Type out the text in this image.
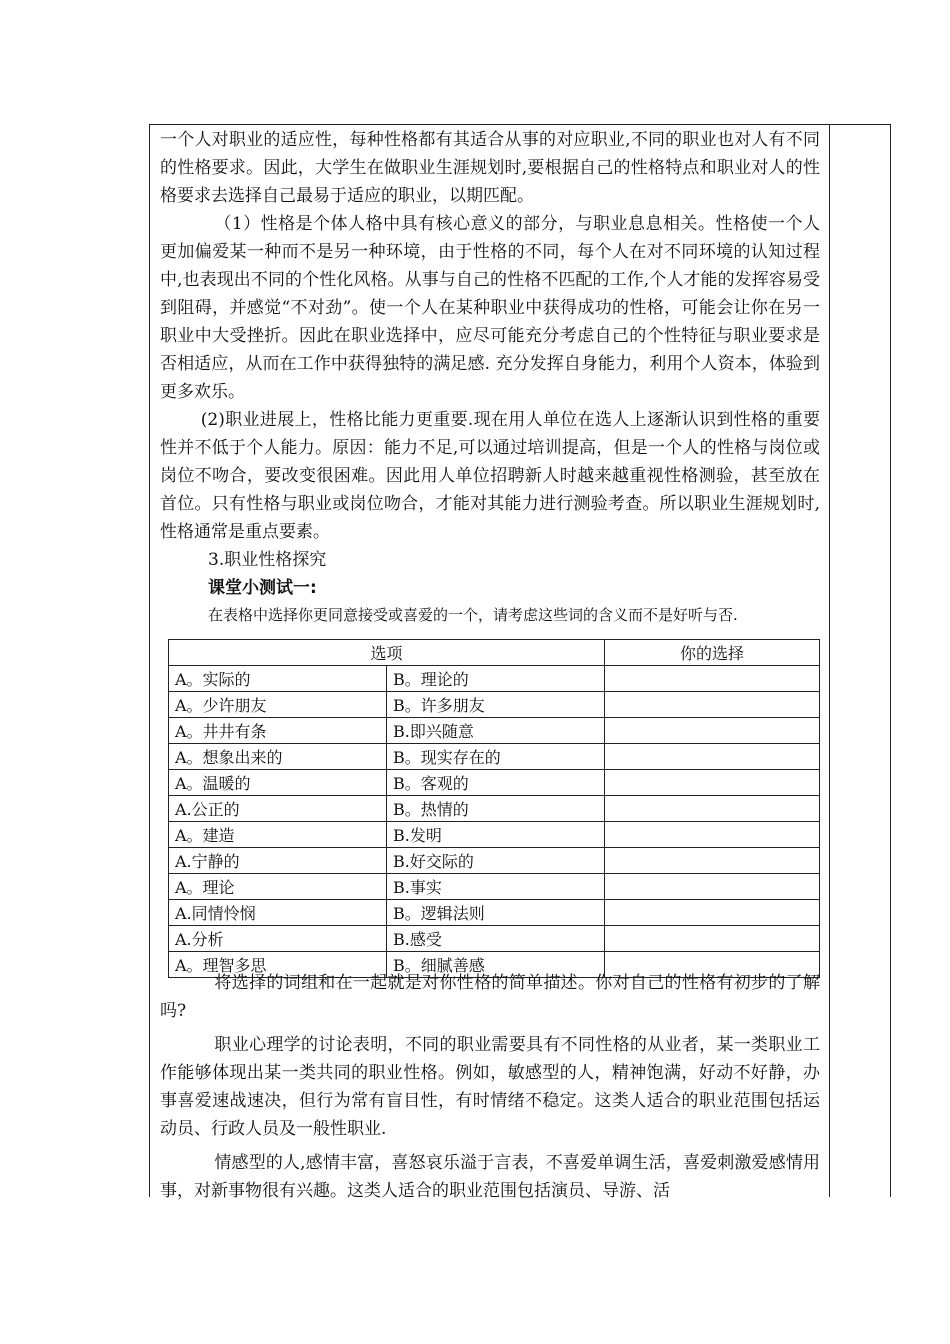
一个人对职业的适应性，每种性格都有其适合从事的对应职业,不同的职业也对人有不同的性格要求。因此，大学生在做职业生涯规划时,要根据自己的性格特点和职业对人的性格要求去选择自己最易于适应的职业，以期匹配。

（1）性格是个体人格中具有核心意义的部分，与职业息息相关。性格使一个人更加偏爱某一种而不是另一种环境，由于性格的不同，每个人在对不同环境的认知过程中,也表现出不同的个性化风格。从事与自己的性格不匹配的工作,个人才能的发挥容易受到阻碍，并感觉“不对劲”。使一个人在某种职业中获得成功的性格，可能会让你在另一职业中大受挫折。因此在职业选择中，应尽可能充分考虑自己的个性特征与职业要求是否相适应，从而在工作中获得独特的满足感. 充分发挥自身能力，利用个人资本，体验到更多欢乐。

(2)职业进展上，性格比能力更重要.现在用人单位在选人上逐渐认识到性格的重要性并不低于个人能力。原因：能力不足,可以通过培训提高，但是一个人的性格与岗位或岗位不吻合，要改变很困难。因此用人单位招聘新人时越来越重视性格测验，甚至放在首位。只有性格与职业或岗位吻合，才能对其能力进行测验考查。所以职业生涯规划时,性格通常是重点要素。

3.职业性格探究

课堂小测试一:

在表格中选择你更同意接受或喜爱的一个，请考虑这些词的含义而不是好听与否.

选项		你的选择
A。实际的	B。理论的	
A。少许朋友	B。许多朋友	
A。井井有条	B.即兴随意	
A。想象出来的	B。现实存在的	
A。温暖的	B。客观的	
A.公正的	B。热情的	
A。建造	B.发明	
A.宁静的	B.好交际的	
A。理论	B.事实	
A.同情怜悯	B。逻辑法则	
A.分析	B.感受	
A。理智多思	B。细腻善感	

将选择的词组和在一起就是对你性格的简单描述。你对自己的性格有初步的了解吗?

职业心理学的讨论表明，不同的职业需要具有不同性格的从业者，某一类职业工作能够体现出某一类共同的职业性格。例如，敏感型的人，精神饱满，好动不好静，办事喜爱速战速决，但行为常有盲目性，有时情绪不稳定。这类人适合的职业范围包括运动员、行政人员及一般性职业.

情感型的人,感情丰富，喜怒哀乐溢于言表，不喜爱单调生活，喜爱刺激爱感情用事，对新事物很有兴趣。这类人适合的职业范围包括演员、导游、活
